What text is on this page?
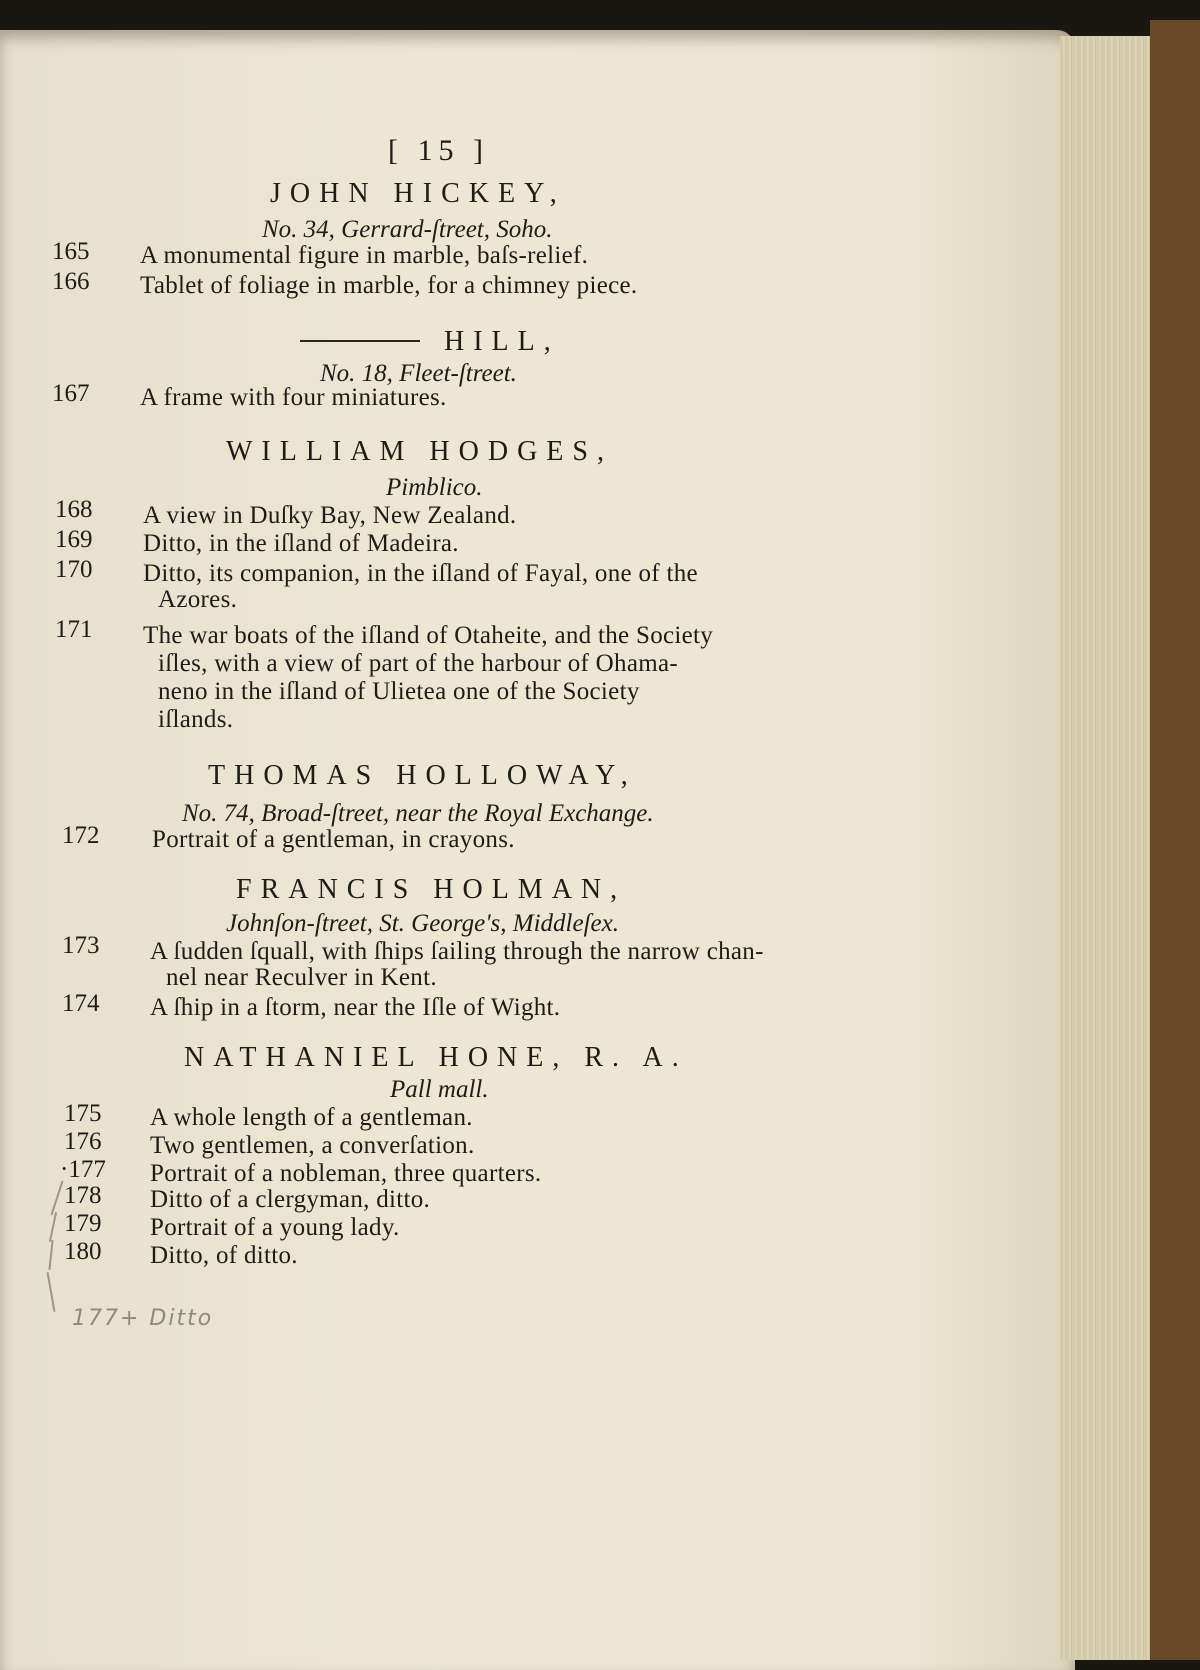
[ 15 ]
JOHN HICKEY,
No. 34, Gerrard-ſtreet, Soho.
165 A monumental figure in marble, baſs-relief.
166 Tablet of foliage in marble, for a chimney piece.
HILL,
No. 18, Fleet-ſtreet.
167 A frame with four miniatures.
WILLIAM HODGES,
Pimblico.
168 A view in Duſky Bay, New Zealand.
169 Ditto, in the iſland of Madeira.
170 Ditto, its companion, in the iſland of Fayal, one of the
Azores.
171 The war boats of the iſland of Otaheite, and the Society
iſles, with a view of part of the harbour of Ohama-
neno in the iſland of Ulietea one of the Society
iſlands.
THOMAS HOLLOWAY,
No. 74, Broad-ſtreet, near the Royal Exchange.
172 Portrait of a gentleman, in crayons.
FRANCIS HOLMAN,
Johnſon-ſtreet, St. George's, Middleſex.
173 A ſudden ſquall, with ſhips ſailing through the narrow chan-
nel near Reculver in Kent.
174 A ſhip in a ſtorm, near the Iſle of Wight.
NATHANIEL HONE, R. A.
Pall mall.
175 A whole length of a gentleman.
176 Two gentlemen, a converſation.
·177 Portrait of a nobleman, three quarters.
178 Ditto of a clergyman, ditto.
179 Portrait of a young lady.
180 Ditto, of ditto.
177+ Ditto
